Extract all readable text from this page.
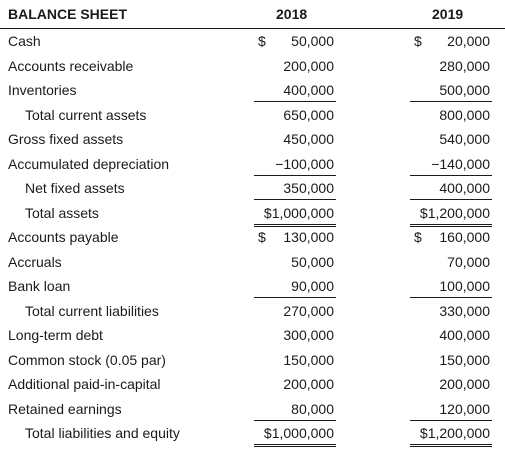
BALANCE SHEET	2018	2019
Cash	$ 50,000	$ 20,000
Accounts receivable	200,000	280,000
Inventories	400,000	500,000
Total current assets	650,000	800,000
Gross fixed assets	450,000	540,000
Accumulated depreciation	−100,000	−140,000
Net fixed assets	350,000	400,000
Total assets	$1,000,000	$1,200,000
Accounts payable	$ 130,000	$ 160,000
Accruals	50,000	70,000
Bank loan	90,000	100,000
Total current liabilities	270,000	330,000
Long-term debt	300,000	400,000
Common stock (0.05 par)	150,000	150,000
Additional paid-in-capital	200,000	200,000
Retained earnings	80,000	120,000
Total liabilities and equity	$1,000,000	$1,200,000
